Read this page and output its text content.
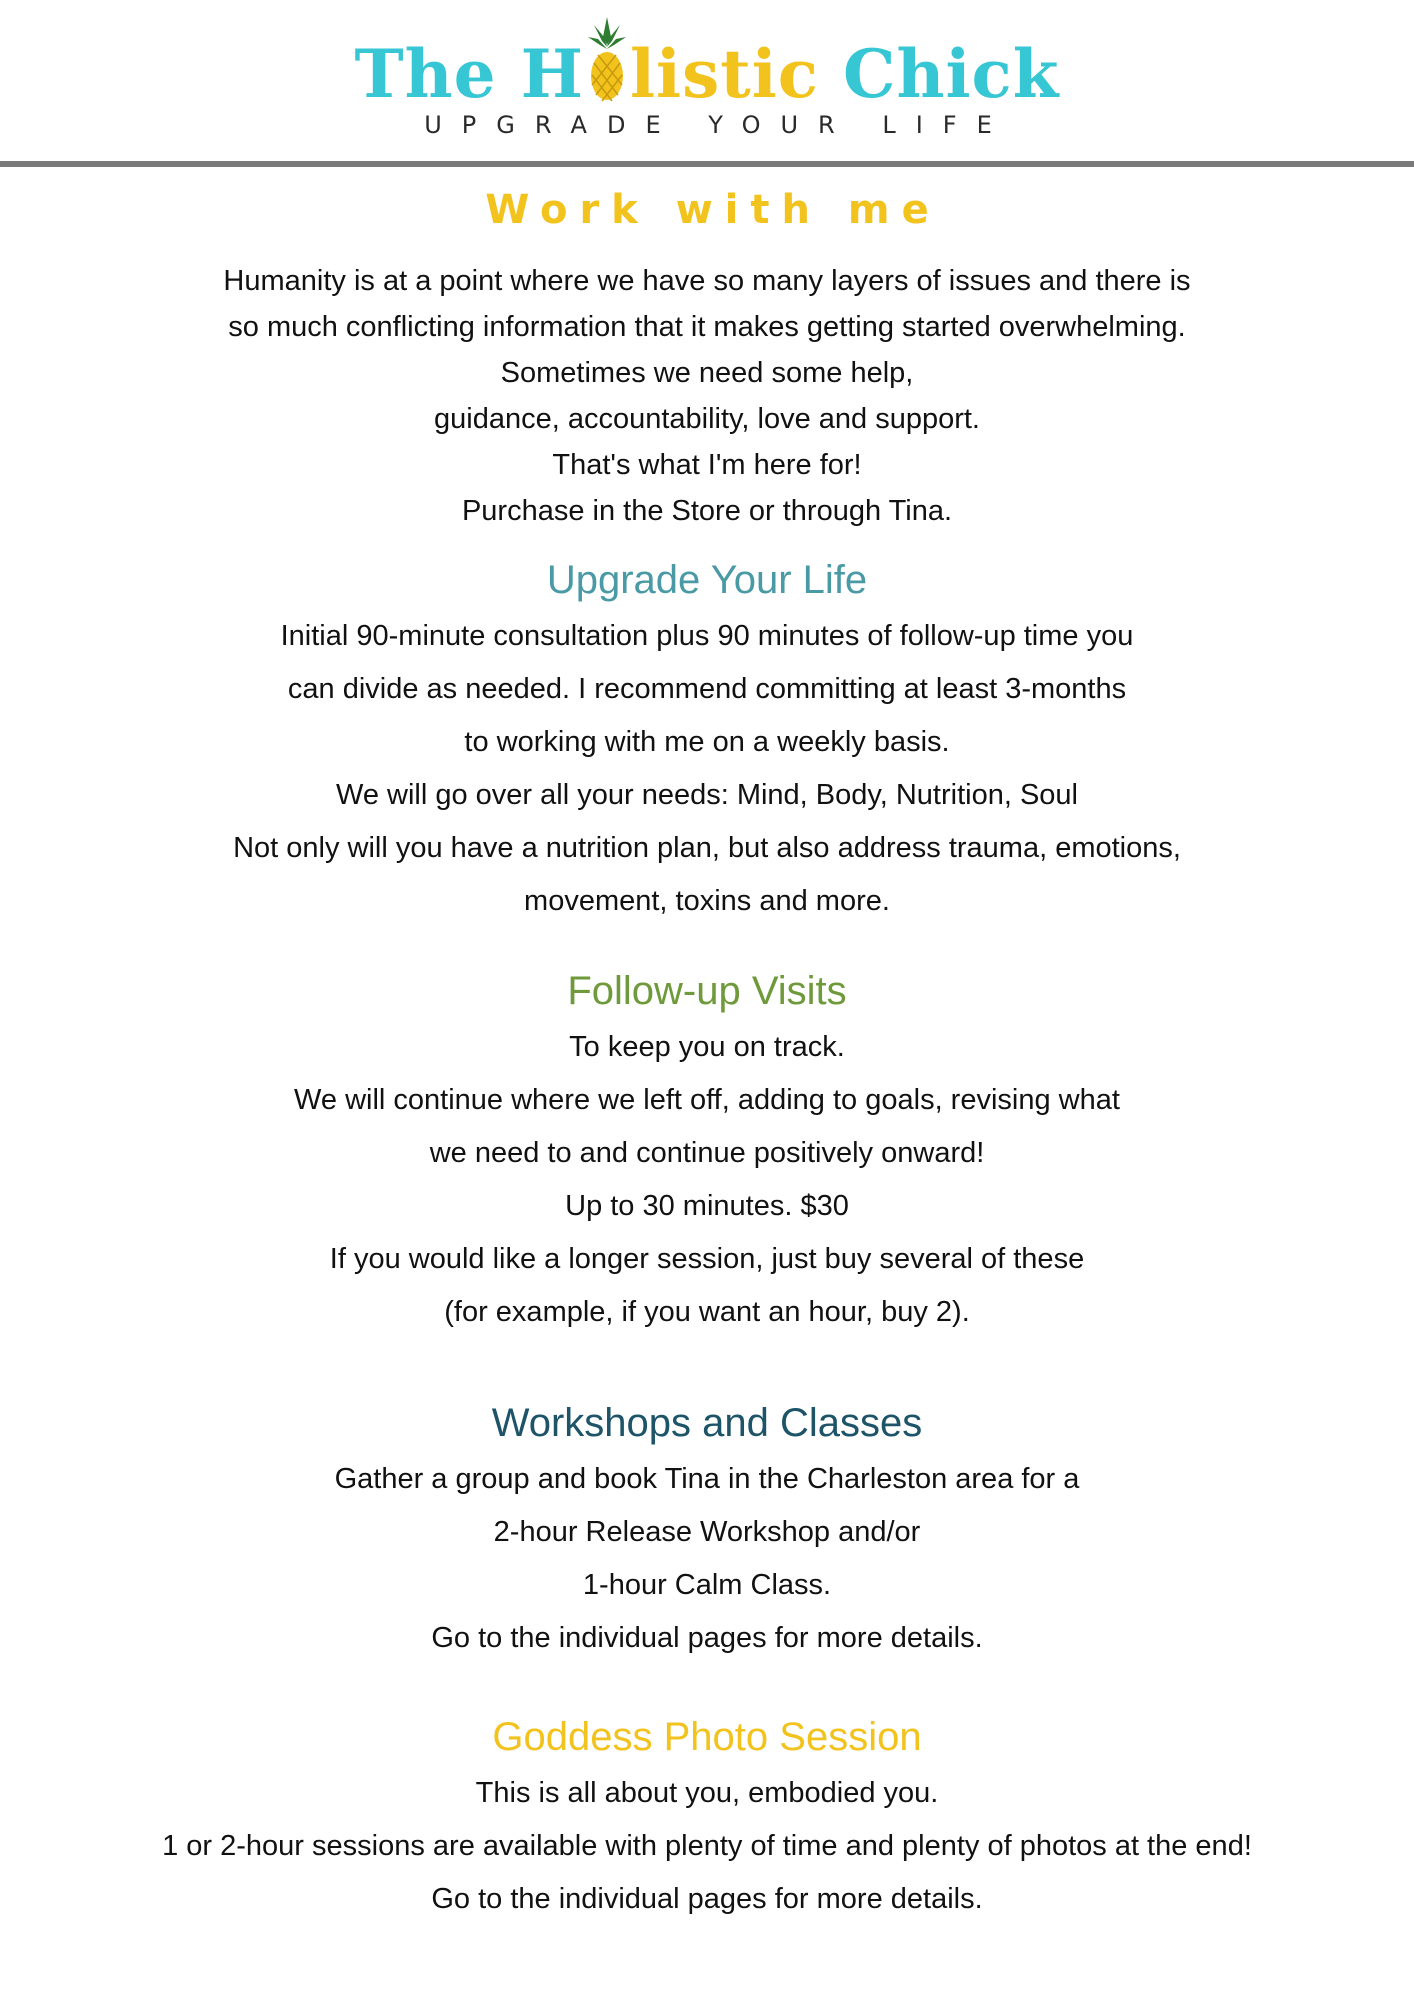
The H listic Chick
UPGRADE YOUR LIFE
Work with me
Humanity is at a point where we have so many layers of issues and there is
so much conflicting information that it makes getting started overwhelming.
Sometimes we need some help,
guidance, accountability, love and support.
That's what I'm here for!
Purchase in the Store or through Tina.
Upgrade Your Life
Initial 90-minute consultation plus 90 minutes of follow-up time you
can divide as needed. I recommend committing at least 3-months
to working with me on a weekly basis.
We will go over all your needs: Mind, Body, Nutrition, Soul
Not only will you have a nutrition plan, but also address trauma, emotions,
movement, toxins and more.
Follow-up Visits
To keep you on track.
We will continue where we left off, adding to goals, revising what
we need to and continue positively onward!
Up to 30 minutes. $30
If you would like a longer session, just buy several of these
(for example, if you want an hour, buy 2).
Workshops and Classes
Gather a group and book Tina in the Charleston area for a
2-hour Release Workshop and/or
1-hour Calm Class.
Go to the individual pages for more details.
Goddess Photo Session
This is all about you, embodied you.
1 or 2-hour sessions are available with plenty of time and plenty of photos at the end!
Go to the individual pages for more details.
